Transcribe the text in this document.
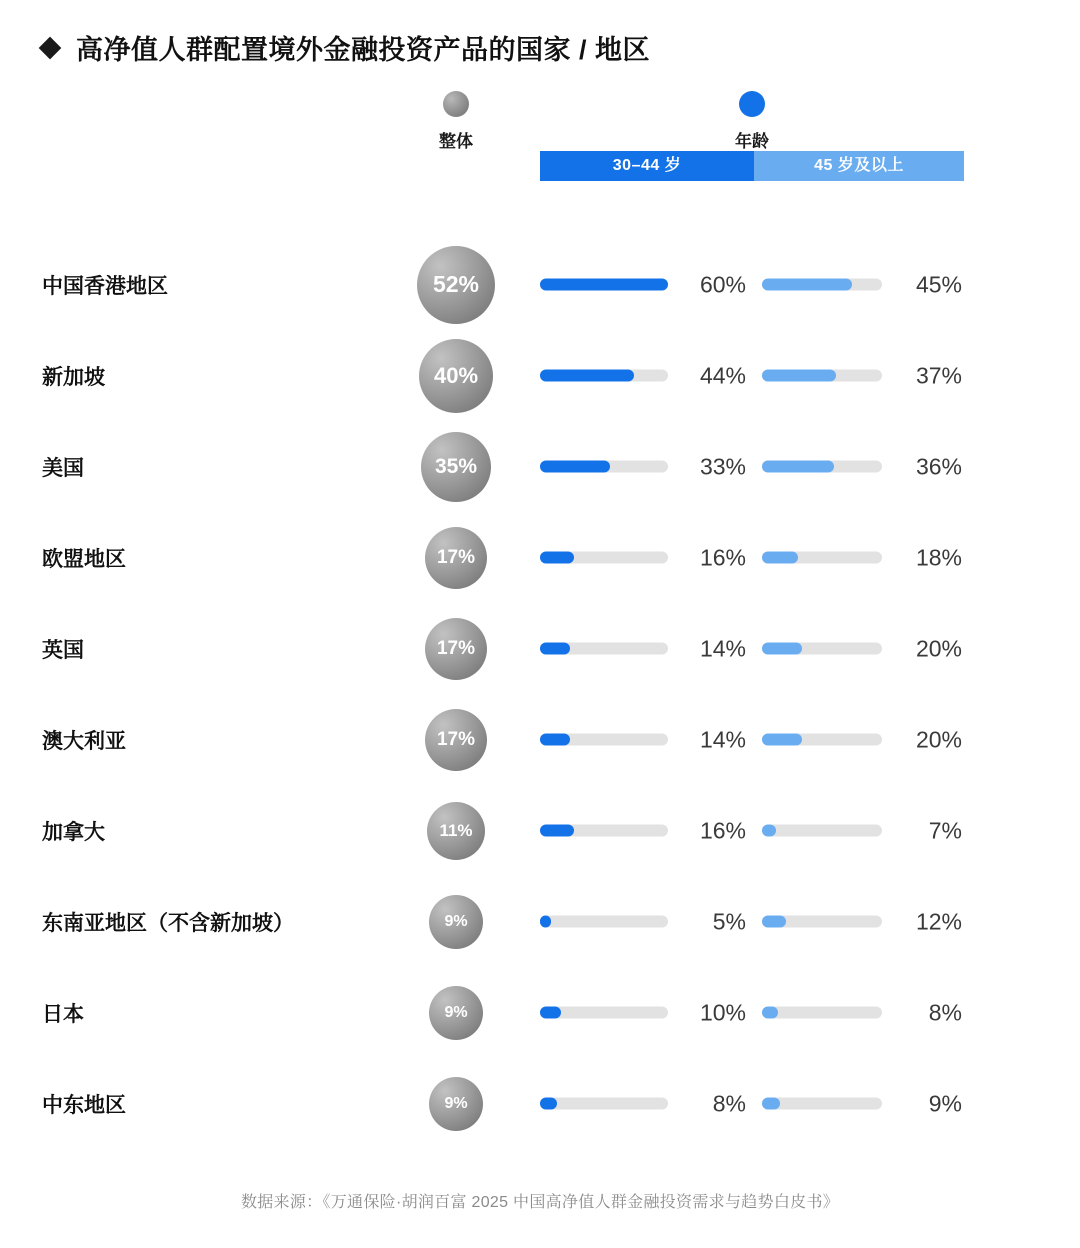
高净值人群配置境外金融投资产品的国家 / 地区
整体	年龄
30–44 岁	45 岁及以上
中国香港地区	52%	60%	45%
新加坡	40%	44%	37%
美国	35%	33%	36%
欧盟地区	17%	16%	18%
英国	17%	14%	20%
澳大利亚	17%	14%	20%
加拿大	11%	16%	7%
东南亚地区（不含新加坡）	9%	5%	12%
日本	9%	10%	8%
中东地区	9%	8%	9%
数据来源：《万通保险·胡润百富 2025 中国高净值人群金融投资需求与趋势白皮书》
